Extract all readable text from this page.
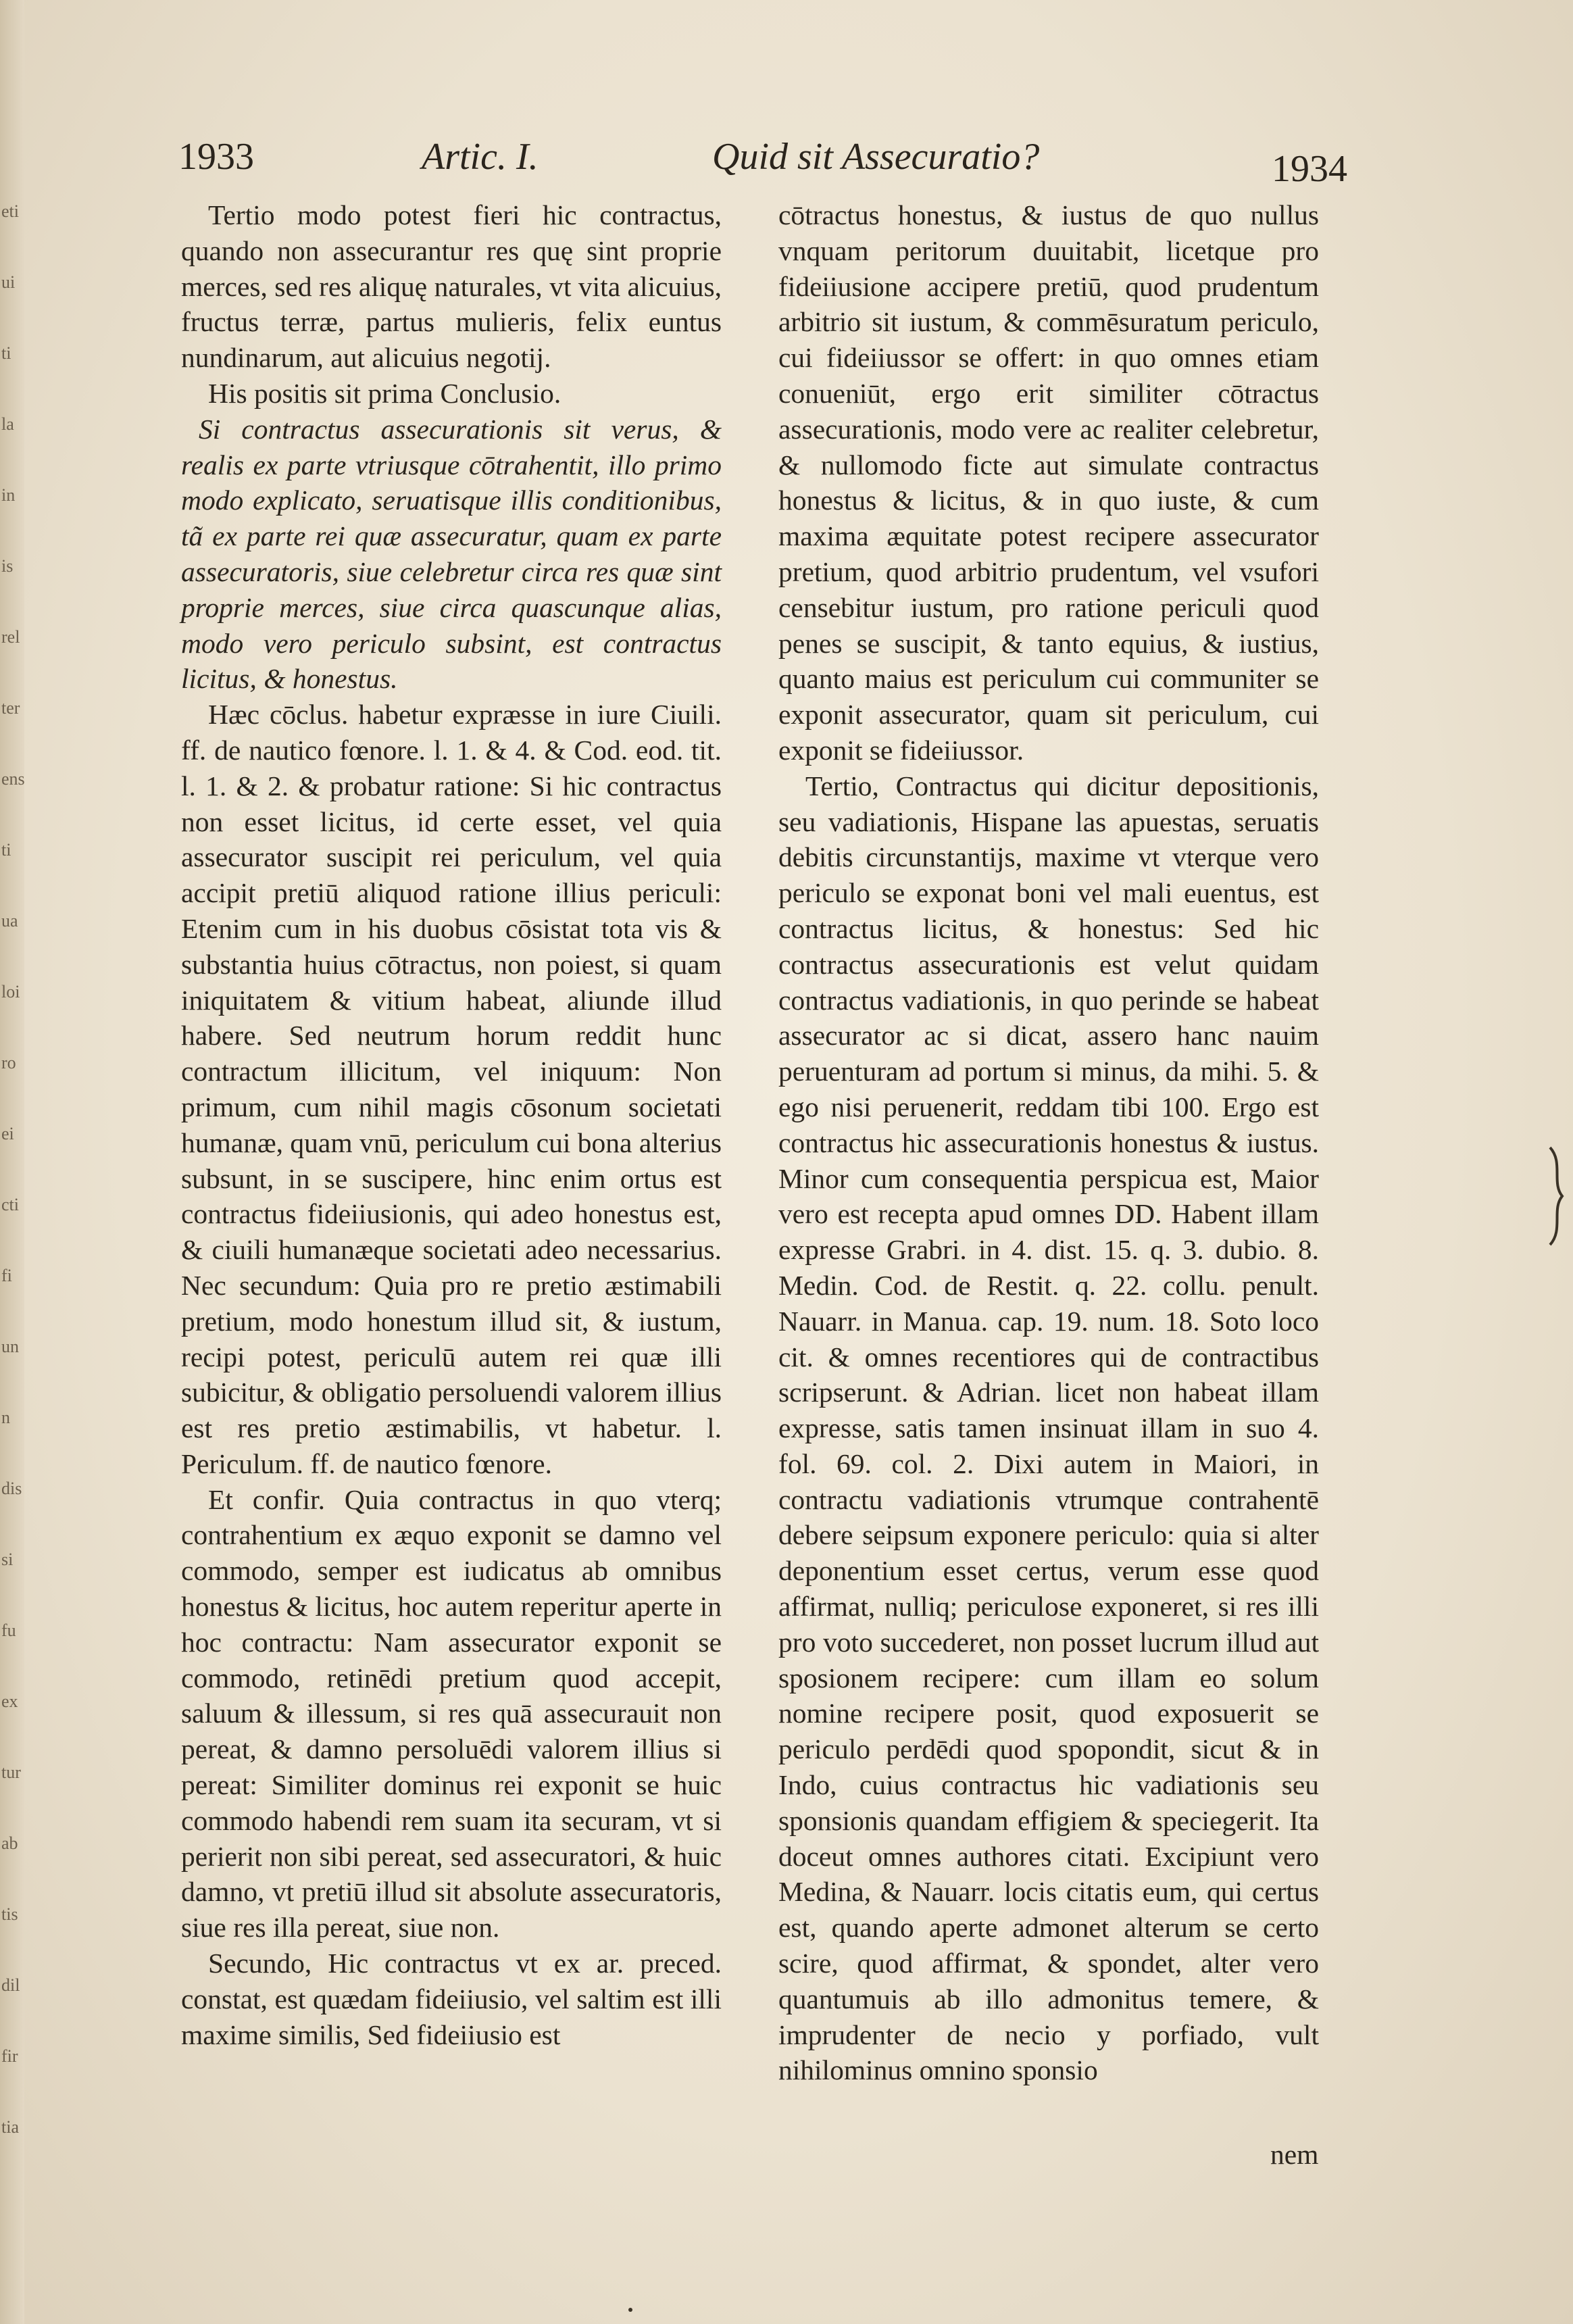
eti
ui
ti
la
in
is
rel
ter
ens
ti
ua
loi
ro
ei
cti
fi
un
n
dis
si
fu
ex
tur
ab
tis
dil
fir
tia
1933	Artic. I.	Quid sit Assecuratio?	1934

Tertio modo potest fieri hic contractus, quando non assecurantur res quę sint proprie merces, sed res aliquę naturales, vt vita alicuius, fructus terræ, partus mulieris, felix euntus nundinarum, aut alicuius negotij.

His positis sit prima Conclusio.

Si contractus assecurationis sit verus, & realis ex parte vtriusque cōtrahentit, illo primo modo explicato, seruatisque illis conditionibus, tã ex parte rei quæ assecuratur, quam ex parte assecuratoris, siue celebretur circa res quæ sint proprie merces, siue circa quascunque alias, modo vero periculo subsint, est contractus licitus, & honestus.

Hæc cōclus. habetur expræsse in iure Ciuili. ff. de nautico fœnore. l. 1. & 4. & Cod. eod. tit. l. 1. & 2. & probatur ratione: Si hic contractus non esset licitus, id certe esset, vel quia assecurator suscipit rei periculum, vel quia accipit pretiū aliquod ratione illius periculi: Etenim cum in his duobus cōsistat tota vis & substantia huius cōtractus, non poiest, si quam iniquitatem & vitium habeat, aliunde illud habere. Sed neutrum horum reddit hunc contractum illicitum, vel iniquum: Non primum, cum nihil magis cōsonum societati humanæ, quam vnū, periculum cui bona alterius subsunt, in se suscipere, hinc enim ortus est contractus fideiiusionis, qui adeo honestus est, & ciuili humanæque societati adeo necessarius. Nec secundum: Quia pro re pretio æstimabili pretium, modo honestum illud sit, & iustum, recipi potest, periculū autem rei quæ illi subicitur, & obligatio persoluendi valorem illius est res pretio æstimabilis, vt habetur. l. Periculum. ff. de nautico fœnore.

Et confir. Quia contractus in quo vterq; contrahentium ex æquo exponit se damno vel commodo, semper est iudicatus ab omnibus honestus & licitus, hoc autem reperitur aperte in hoc contractu: Nam assecurator exponit se commodo, retinēdi pretium quod accepit, saluum & illessum, si res quā assecurauit non pereat, & damno persoluēdi valorem illius si pereat: Similiter dominus rei exponit se huic commodo habendi rem suam ita securam, vt si perierit non sibi pereat, sed assecuratori, & huic damno, vt pretiū illud sit absolute assecuratoris, siue res illa pereat, siue non.

Secundo, Hic contractus vt ex ar. preced. constat, est quædam fideiiusio, vel saltim est illi maxime similis, Sed fideiiusio est

cōtractus honestus, & iustus de quo nullus vnquam peritorum duuitabit, licetque pro fideiiusione accipere pretiū, quod prudentum arbitrio sit iustum, & commēsuratum periculo, cui fideiiussor se offert: in quo omnes etiam conueniūt, ergo erit similiter cōtractus assecurationis, modo vere ac realiter celebretur, & nullomodo ficte aut simulate contractus honestus & licitus, & in quo iuste, & cum maxima æquitate potest recipere assecurator pretium, quod arbitrio prudentum, vel vsufori censebitur iustum, pro ratione periculi quod penes se suscipit, & tanto equius, & iustius, quanto maius est periculum cui communiter se exponit assecurator, quam sit periculum, cui exponit se fideiiussor.

Tertio, Contractus qui dicitur depositionis, seu vadiationis, Hispane las apuestas, seruatis debitis circunstantijs, maxime vt vterque vero periculo se exponat boni vel mali euentus, est contractus licitus, & honestus: Sed hic contractus assecurationis est velut quidam contractus vadiationis, in quo perinde se habeat assecurator ac si dicat, assero hanc nauim peruenturam ad portum si minus, da mihi. 5. & ego nisi peruenerit, reddam tibi 100. Ergo est contractus hic assecurationis honestus & iustus. Minor cum consequentia perspicua est, Maior vero est recepta apud omnes DD. Habent illam expresse Grabri. in 4. dist. 15. q. 3. dubio. 8. Medin. Cod. de Restit. q. 22. collu. penult. Nauarr. in Manua. cap. 19. num. 18. Soto loco cit. & omnes recentiores qui de contractibus scripserunt. & Adrian. licet non habeat illam expresse, satis tamen insinuat illam in suo 4. fol. 69. col. 2. Dixi autem in Maiori, in contractu vadiationis vtrumque contrahentē debere seipsum exponere periculo: quia si alter deponentium esset certus, verum esse quod affirmat, nulliq; periculose exponeret, si res illi pro voto succederet, non posset lucrum illud aut sposionem recipere: cum illam eo solum nomine recipere posit, quod exposuerit se periculo perdēdi quod spopondit, sicut & in Indo, cuius contractus hic vadiationis seu sponsionis quandam effigiem & speciegerit. Ita doceut omnes authores citati. Excipiunt vero Medina, & Nauarr. locis citatis eum, qui certus est, quando aperte admonet alterum se certo scire, quod affirmat, & spondet, alter vero quantumuis ab illo admonitus temere, & imprudenter de necio y porfiado, vult nihilominus omnino sponsio

nem
